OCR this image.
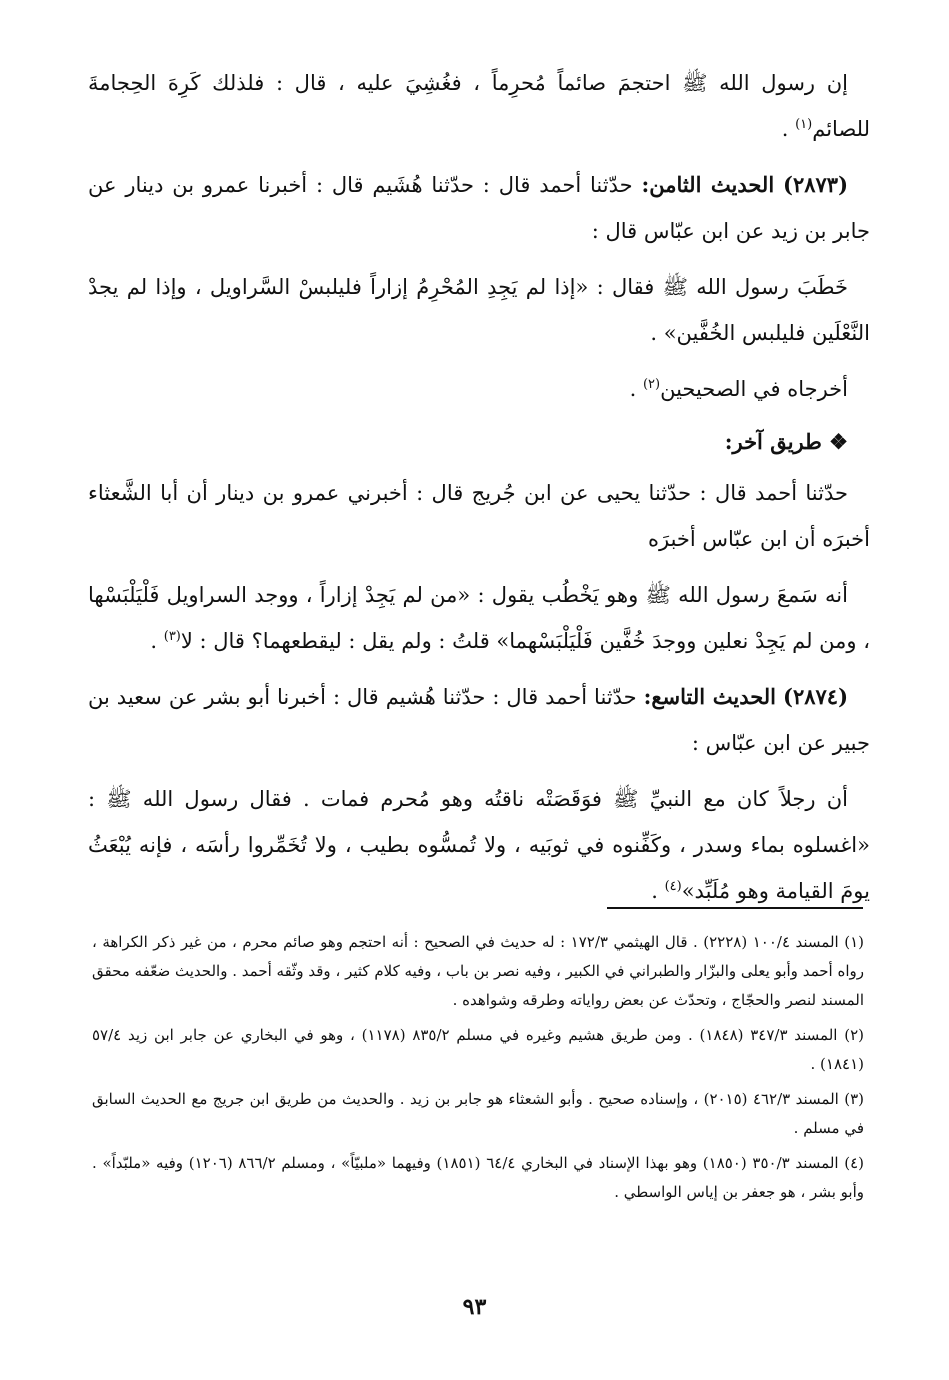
إن رسول الله ﷺ احتجمَ صائماً مُحرِماً ، فغُشِيَ عليه ، قال : فلذلك كَرِهَ الحِجامةَ للصائم$^{(١)}$ .

(٢٨٧٣) الحديث الثامن: حدّثنا أحمد قال : حدّثنا هُشَيم قال : أخبرنا عمرو بن دينار عن جابر بن زيد عن ابن عبّاس قال :

خَطَبَ رسول الله ﷺ فقال : «إذا لم يَجِدِ المُحْرِمُ إزاراً فليلبسْ السَّراويل ، وإذا لم يجدْ النَّعْلَين فليلبس الخُفَّين» .

أخرجاه في الصحيحين$^{(٢)}$ .

❖ طريق آخر:

حدّثنا أحمد قال : حدّثنا يحيى عن ابن جُريج قال : أخبرني عمرو بن دينار أن أبا الشَّعثاء أخبرَه أن ابن عبّاس أخبرَه

أنه سَمعَ رسول الله ﷺ وهو يَخْطُب يقول : «من لم يَجِدْ إزاراً ، ووجد السراويل فَلْيَلْبَسْها ، ومن لم يَجِدْ نعلين ووجدَ خُفَّين فَلْيَلْبَسْهما» قلتُ : ولم يقل : ليقطعهما؟ قال : لا$^{(٣)}$ .

(٢٨٧٤) الحديث التاسع: حدّثنا أحمد قال : حدّثنا هُشيم قال : أخبرنا أبو بشر عن سعيد بن جبير عن ابن عبّاس :

أن رجلاً كان مع النبيِّ ﷺ فوَقَصَتْه ناقتُه وهو مُحرم فمات . فقال رسول الله ﷺ : «اغسلوه بماء وسدر ، وكَفِّنوه في ثوبَيه ، ولا تُمسُّوه بطيب ، ولا تُخَمِّروا رأسَه ، فإنه يُبْعَثُ يومَ القيامة وهو مُلَبِّد»$^{(٤)}$ .

(١) المسند ١٠٠/٤ (٢٢٢٨) . قال الهيثمي ١٧٢/٣ : له حديث في الصحيح : أنه احتجم وهو صائم محرم ، من غير ذكر الكراهة ، رواه أحمد وأبو يعلى والبزّار والطبراني في الكبير ، وفيه نصر بن باب ، وفيه كلام كثير ، وقد وثّقه أحمد . والحديث ضعّفه محقق المسند لنصر والحجّاج ، وتحدّث عن بعض رواياته وطرقه وشواهده .

(٢) المسند ٣٤٧/٣ (١٨٤٨) . ومن طريق هشيم وغيره في مسلم ٨٣٥/٢ (١١٧٨) ، وهو في البخاري عن جابر ابن زيد ٥٧/٤ (١٨٤١) .

(٣) المسند ٤٦٢/٣ (٢٠١٥) ، وإسناده صحيح . وأبو الشعثاء هو جابر بن زيد . والحديث من طريق ابن جريج مع الحديث السابق في مسلم .

(٤) المسند ٣٥٠/٣ (١٨٥٠) وهو بهذا الإسناد في البخاري ٦٤/٤ (١٨٥١) وفيهما «ملبيّاً» ، ومسلم ٨٦٦/٢ (١٢٠٦) وفيه «ملبّداً» . وأبو بشر ، هو جعفر بن إياس الواسطي .

٩٣
